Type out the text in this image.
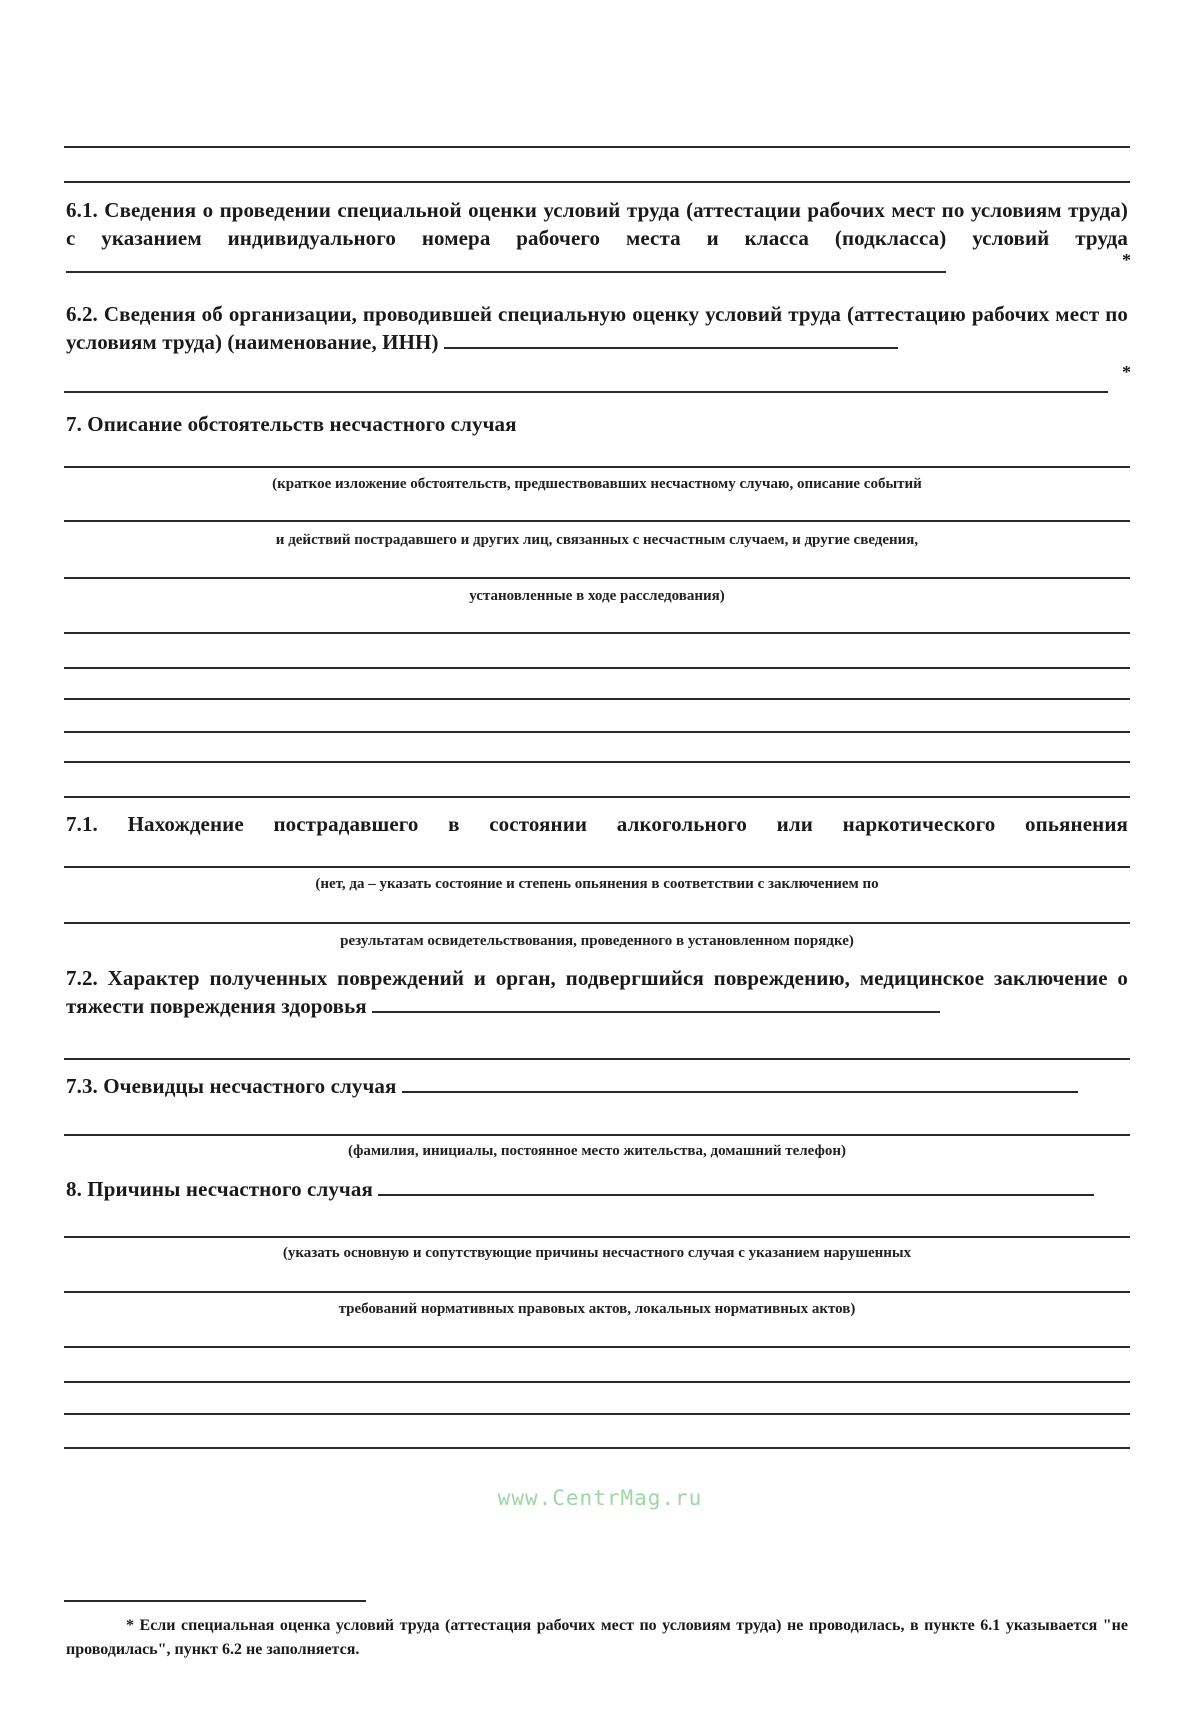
6.1. Сведения о проведении специальной оценки условий труда (аттестации рабочих мест по условиям труда) с указанием индивидуального номера рабочего места и класса (подкласса) условий труда
*
6.2. Сведения об организации, проводившей специальную оценку условий труда (аттестацию рабочих мест по условиям труда) (наименование, ИНН)
*
7. Описание обстоятельств несчастного случая
(краткое изложение обстоятельств, предшествовавших несчастному случаю, описание событий
и действий пострадавшего и других лиц, связанных с несчастным случаем, и другие сведения,
установленные в ходе расследования)
7.1. Нахождение пострадавшего в состоянии алкогольного или наркотического опьянения
(нет, да – указать состояние и степень опьянения в соответствии с заключением по
результатам освидетельствования, проведенного в установленном порядке)
7.2. Характер полученных повреждений и орган, подвергшийся повреждению, медицинское заключение о тяжести повреждения здоровья
7.3. Очевидцы несчастного случая
(фамилия, инициалы, постоянное место жительства, домашний телефон)
8. Причины несчастного случая
(указать основную и сопутствующие причины несчастного случая с указанием нарушенных
требований нормативных правовых актов, локальных нормативных актов)
www.CentrMag.ru
* Если специальная оценка условий труда (аттестация рабочих мест по условиям труда) не проводилась, в пункте 6.1 указывается "не проводилась", пункт 6.2 не заполняется.
